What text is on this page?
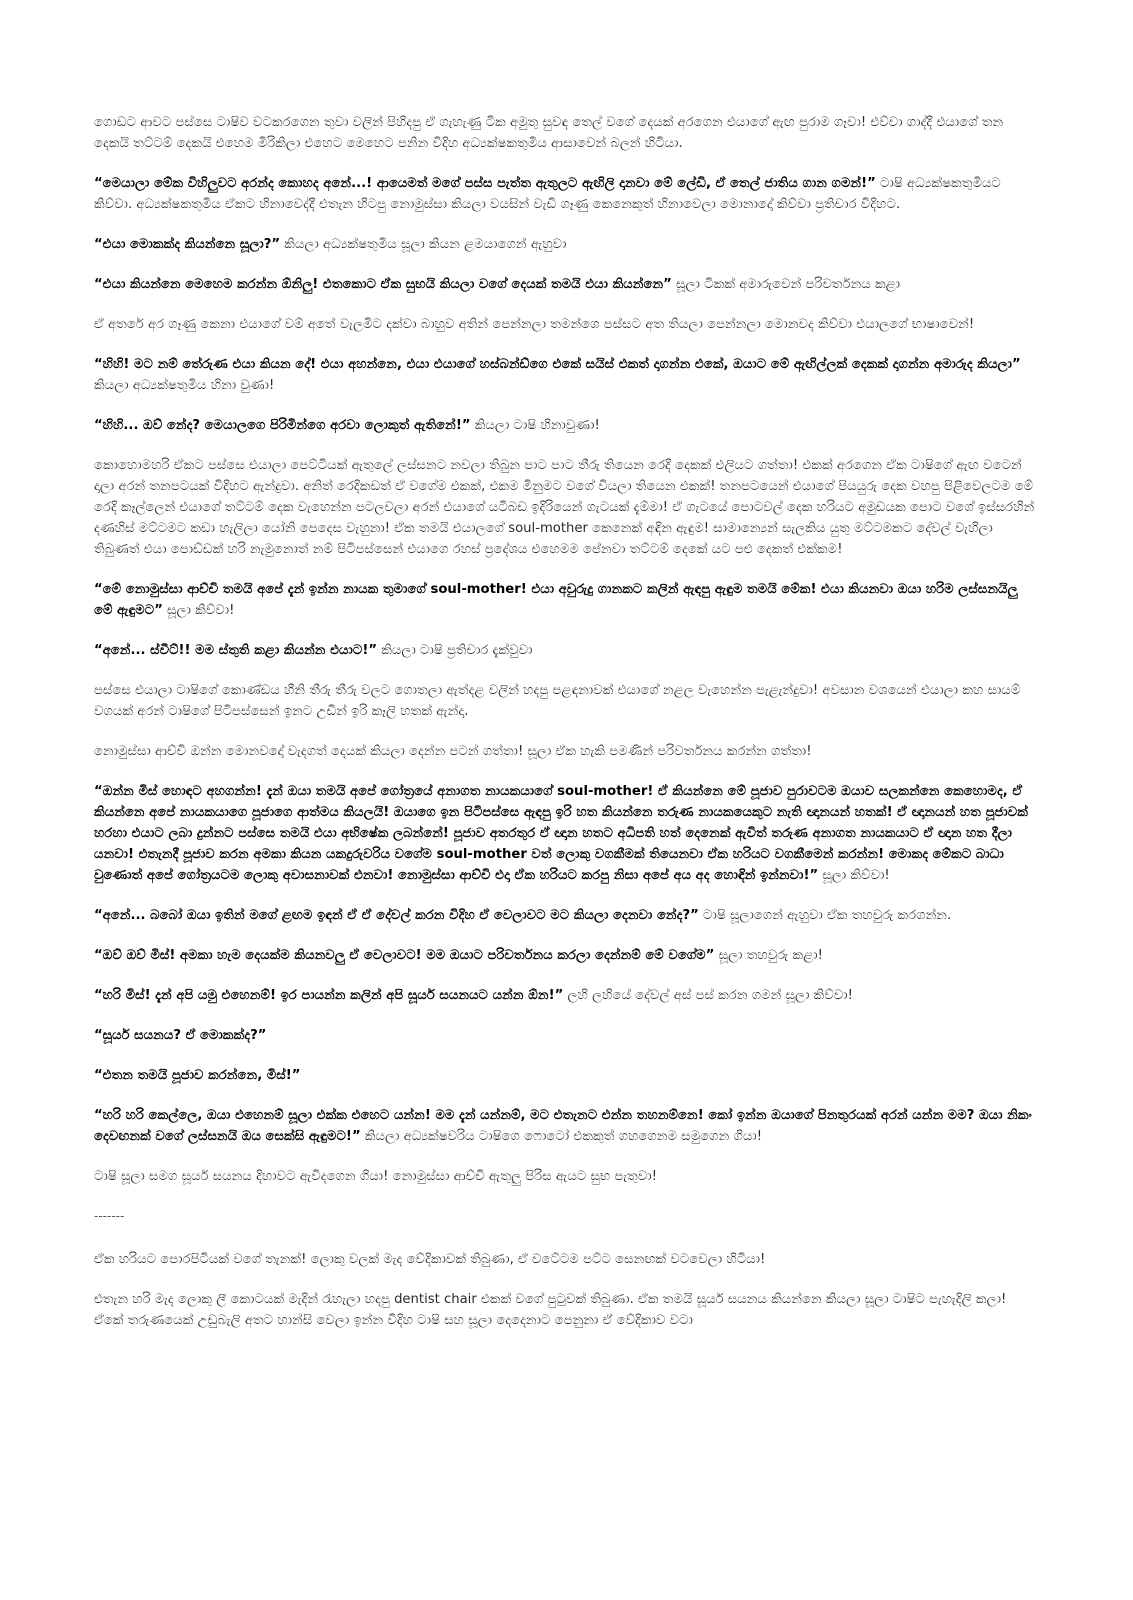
ගොඩට ආවට පස්සෙ ටාෂිව වටකරගෙන තුවා වලින් පිහිදපු ඒ ගැහැණු ටික අමුතු සුවඳ තෙල් වගේ දෙයක් අරගෙන එයාගේ ඇඟ පුරාම ගෑවා! එව්වා ගාද්දී එයාගේ තන දෙකයි තට්ටම් දෙකයි එහෙම මිරිකිලා එහෙට මෙහෙට පනින විදිහ අධ්‍යක්ෂකතුමිය ආසාවෙන් බලන් හිටියා.

“මෙයාලා මේක විහිලුවට අරන්ද කොහද අනේ...! ආයෙමත් මගේ පස්ස පැත්ත ඇතුලට ඇඟිලි දානවා මේ ලේඩි, ඒ තෙල් ජාතිය ගාන ගමන්!” ටාෂි අධ්‍යක්ෂකතුමියට කිව්වා. අධ්‍යක්ෂකතුමිය ඒකට හිනාවෙද්දී එතැන හිටපු නොමුස්සා කියලා වයසින් වැඩි ගෑණු කෙනෙකුත් හිනාවෙලා මොනාදෝ කිව්වා ප්‍රතිචාර විදිහට.

“එයා මොකක්ද කියන්නෙ සූලා?” කියලා අධ්‍යක්ෂතුමිය සූලා කියන ළමයාගෙන් ඇහුවා

“එයා කියන්නෙ මෙහෙම කරන්න ඕනිලු! එතකොට ඒක සුභයි කියලා වගේ දෙයක් තමයි එයා කියන්නෙ” සූලා ටිකක් අමාරුවෙන් පරිවර්තනය කළා

ඒ අතරේ අර ගෑණු කෙනා එයාගේ වම් අතේ වැලමිට දක්වා බාහුව අතින් පෙන්නලා තමන්ගෙ පස්සට අත තියලා පෙන්නලා මොනවද කිව්වා එයාලගේ භාෂාවෙන්!

“හිහි! මට නම් තේරුණ එයා කියන දේ! එයා අහන්නෙ, එයා එයාගේ හස්බන්ඩ්ගෙ එකේ සයිස් එකත් දාගන්න එකේ, ඔයාට මේ ඇඟිල්ලක් දෙකක් දාගන්න අමාරුද කියලා” කියලා අධ්‍යක්ෂතුමිය හිනා වුණා!

“හිහි... ඔව් නේද? මෙයාලගෙ පිරිමින්ගෙ අරවා ලොකුත් ඇතිනේ!” කියලා ටාෂි හිනාවුණා!

කොහොමහරි ඒකට පස්සෙ එයාලා පෙට්ටියක් ඇතුලේ ලස්සනට නවලා තිබුන පාට පාට තීරු තියෙන රෙදි දෙකක් එලියට ගත්තා! එකක් අරගෙන ඒක ටාෂිගේ ඇඟ වටෙන් දාලා අරන් තනපටයක් විදිහට ඇන්දුවා. අනිත් රෙදිකඩත් ඒ වගේම එකක්, එකම මිනුමට වගේ වියලා තියෙන එකක්! තනපටයෙන් එයාගේ පියයුරු දෙක වහපු පිළිවෙලටම මේ රෙදි කෑල්ලෙන් එයාගේ තට්ටම් දෙක වැහෙන්න පටලවලා අරන් එයාගේ යටිබඩ ඉදිරියෙන් ගැටයක් දැම්මා! ඒ ගැටයේ පොටවල් දෙක හරියට අමුඩයක පොට වගේ ඉස්සරහින් දණහිස් මට්ටමට කඩා හැලිලා යෝනි පෙදෙස වැහුනා! ඒක තමයි එයාලගේ soul-mother කෙනෙක් අඳින ඇඳුම! සාමාන්‍යෙන් සැලකිය යුතු මට්ටමකට දේවල් වැහිලා තිබුණත් එයා පොඩ්ඩක් හරි නැමුනොත් නම් පිටිපස්සෙන් එයාගෙ රහස් ප්‍රදේශය එහෙමම පේනවා තට්ටම් දෙකේ යට පළු දෙකත් එක්කම!

“මේ නොමුස්සා ආච්චි තමයි අපේ දැන් ඉන්න නායක තුමාගේ soul-mother! එයා අවුරුදු ගානකට කලින් ඇඳපු ඇඳුම තමයි මේක! එයා කියනවා ඔයා හරිම ලස්සනයිලු මේ ඇඳුමට” සූලා කිව්වා!

“අනේ... ස්වීට්!! මම ස්තුති කළා කියන්න එයාට!” කියලා ටාෂි ප්‍රතිචාර දැක්වුවා

පස්සෙ එයාලා ටාෂිගේ කොණ්ඩය හීනි තීරු තීරු වලට ගොතලා ඇත්දළ වලින් හදපු පළඳනාවක් එයාගේ නළල වැහෙන්න පැළැන්දුවා! අවසාන වශයෙන් එයාලා කහ සායම් වගයක් අරන් ටාෂිගේ පිටිපස්සෙන් ඉනට උඩින් ඉරි කෑලි හතක් ඇන්දා.

නොමුස්සා ආච්චි ඔන්න මොනවදෝ වැදගත් දෙයක් කියලා දෙන්න පටන් ගත්තා! සූලා ඒක හැකි පමණින් පරිවර්තනය කරන්න ගත්තා!

“ඔන්න මිස් හොඳට අහගන්න! දැන් ඔයා තමයි අපේ ගෝත්‍රයේ අනාගත නායකයාගේ soul-mother! ඒ කියන්නෙ මේ පූජාව පුරාවටම ඔයාව සලකන්නෙ කෙහොමද, ඒ කියන්නෙ අපේ නායකයාගෙ පූජාගෙ ආත්මය කියලයි! ඔයාගෙ ඉන පිටිපස්සෙ ඇඳපු ඉරි හත කියන්නෙ තරුණ නායකයෙකුට නැති ඥානයන් හතක්! ඒ ඥානයන් හත පූජාවක් හරහා එයාට ලබා දුන්නට පස්සෙ තමයි එයා අභිෂේක ලබන්නේ! පූජාව අතරතුර ඒ ඥාන හතට අධිපති හත් දෙනෙක් ඇවිත් තරුණ අනාගත නායකයාට ඒ ඥාන හත දීලා යනවා! එතැනදී පූජාව කරන අමකා කියන යකදුරුවරිය වගේම soul-mother වත් ලොකු වගකීමක් තියෙනවා ඒක හරියට වගකීමෙන් කරන්න! මොකද මේකට බාධා වුණොත් අපේ ගෝත්‍රයටම ලොකු අවාසනාවක් එනවා! නොමුස්සා ආච්චි එදා ඒක හරියට කරපු නිසා අපේ අය අද හොඳින් ඉන්නවා!” සූලා කිව්වා!

“අනේ... බබෝ ඔයා ඉතින් මගේ ළඟම ඉඳන් ඒ ඒ දේවල් කරන විදිහ ඒ වෙලාවට මට කියලා දෙනවා නේද?” ටාෂි සූලාගෙන් ඇහුවා ඒක තහවුරු කරගන්න.

“ඔව් ඔව් මිස්! අමකා හැම දෙයක්ම කියනවලු ඒ වෙලාවට! මම ඔයාට පරිවර්තනය කරලා දෙන්නම් මේ වගේම” සූලා තහවුරු කළා!

“හරි මිස්! දැන් අපි යමු එහෙනම්! ඉර පායන්න කලින් අපි සූර්ය සයනයට යන්න ඕන!” ලහි ලහියේ දේවල් අස් පස් කරන ගමන් සූලා කිව්වා!

“සූර්ය සයනය? ඒ මොකක්ද?”

“එතන තමයි පූජාව කරන්නෙ, මිස්!”

“හරි හරි කෙල්ලෙ, ඔයා එහෙනම් සූලා එක්ක එහෙට යන්න! මම දැන් යන්නම්, මට එතැනට එන්න තහනම්නෙ! කෝ ඉන්න ඔයාගේ පිනතුරයක් අරන් යන්න මම? ඔයා නිකං දෙවඟනක් වගේ ලස්සනයි ඔය සෙක්සි ඇඳුමට!” කියලා අධ්‍යක්ෂවරිය ටාෂිගෙ ෆොටෝ එකකුත් ගහගෙනම සමුගෙන ගියා!

ටාෂි සූලා සමග සූර්ය සයනය දිහාවට ඇවිදගෙන ගියා! නොමුස්සා ආච්චි ඇතුලු පිරිස ඇයට සුභ පැතුවා!

-------

ඒක හරියට පොරපිටියක් වගේ තැනක්! ලොකු වලක් මැද වේදිකාවක් තිබුණා, ඒ වටේටම පට්ට සෙනඟක් වටවෙලා හිටියා!

එතැන හරි මැද ලොකු ලී කොටයක් මැදින් රැහැලා හදපු dentist chair එකක් වගේ පුටුවක් තිබුණා. ඒක තමයි සූර්ය සයනය කියන්නෙ කියලා සූලා ටාෂිට පැහැදිලි කලා! ඒකේ තරුණයෙක් උඩුබැලි අතට හාන්සි වෙලා ඉන්න විදිහ ටාෂි සහ සූලා දෙදෙනාට පෙනුනා ඒ වේදිකාව වටා
